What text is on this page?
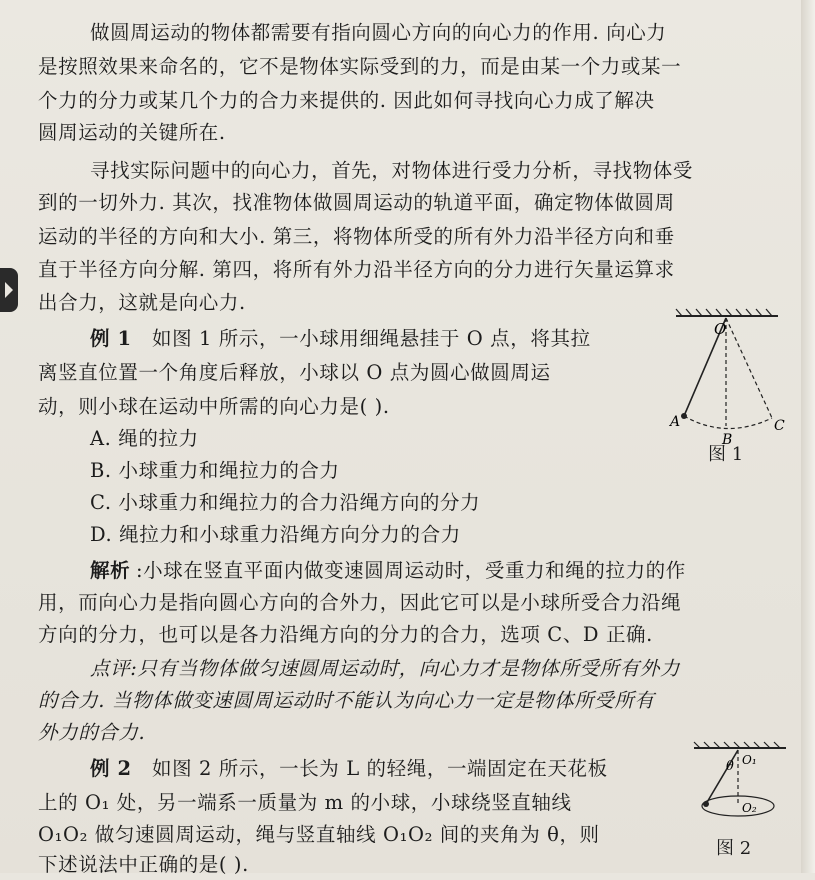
做圆周运动的物体都需要有指向圆心方向的向心力的作用. 向心力

是按照效果来命名的，它不是物体实际受到的力，而是由某一个力或某一

个力的分力或某几个力的合力来提供的. 因此如何寻找向心力成了解决

圆周运动的关键所在.

寻找实际问题中的向心力，首先，对物体进行受力分析，寻找物体受

到的一切外力. 其次，找准物体做圆周运动的轨道平面，确定物体做圆周

运动的半径的方向和大小. 第三，将物体所受的所有外力沿半径方向和垂

直于半径方向分解. 第四，将所有外力沿半径方向的分力进行矢量运算求

出合力，这就是向心力.

例 1 如图 1 所示，一小球用细绳悬挂于 O 点，将其拉

离竖直位置一个角度后释放，小球以 O 点为圆心做圆周运

动，则小球在运动中所需的向心力是( ).

A. 绳的拉力

B. 小球重力和绳拉力的合力

C. 小球重力和绳拉力的合力沿绳方向的分力

D. 绳拉力和小球重力沿绳方向分力的合力

O
A
B
C
图 1

解析 :小球在竖直平面内做变速圆周运动时，受重力和绳的拉力的作

用，而向心力是指向圆心方向的合外力，因此它可以是小球所受合力沿绳

方向的分力，也可以是各力沿绳方向的分力的合力，选项 C、D 正确.

点评:只有当物体做匀速圆周运动时，向心力才是物体所受所有外力

的合力. 当物体做变速圆周运动时不能认为向心力一定是物体所受所有

外力的合力.

例 2 如图 2 所示，一长为 L 的轻绳，一端固定在天花板

上的 O₁ 处，另一端系一质量为 m 的小球，小球绕竖直轴线

O₁O₂ 做匀速圆周运动，绳与竖直轴线 O₁O₂ 间的夹角为 θ，则

下述说法中正确的是( ).

O₁
θ
O₂
图 2
